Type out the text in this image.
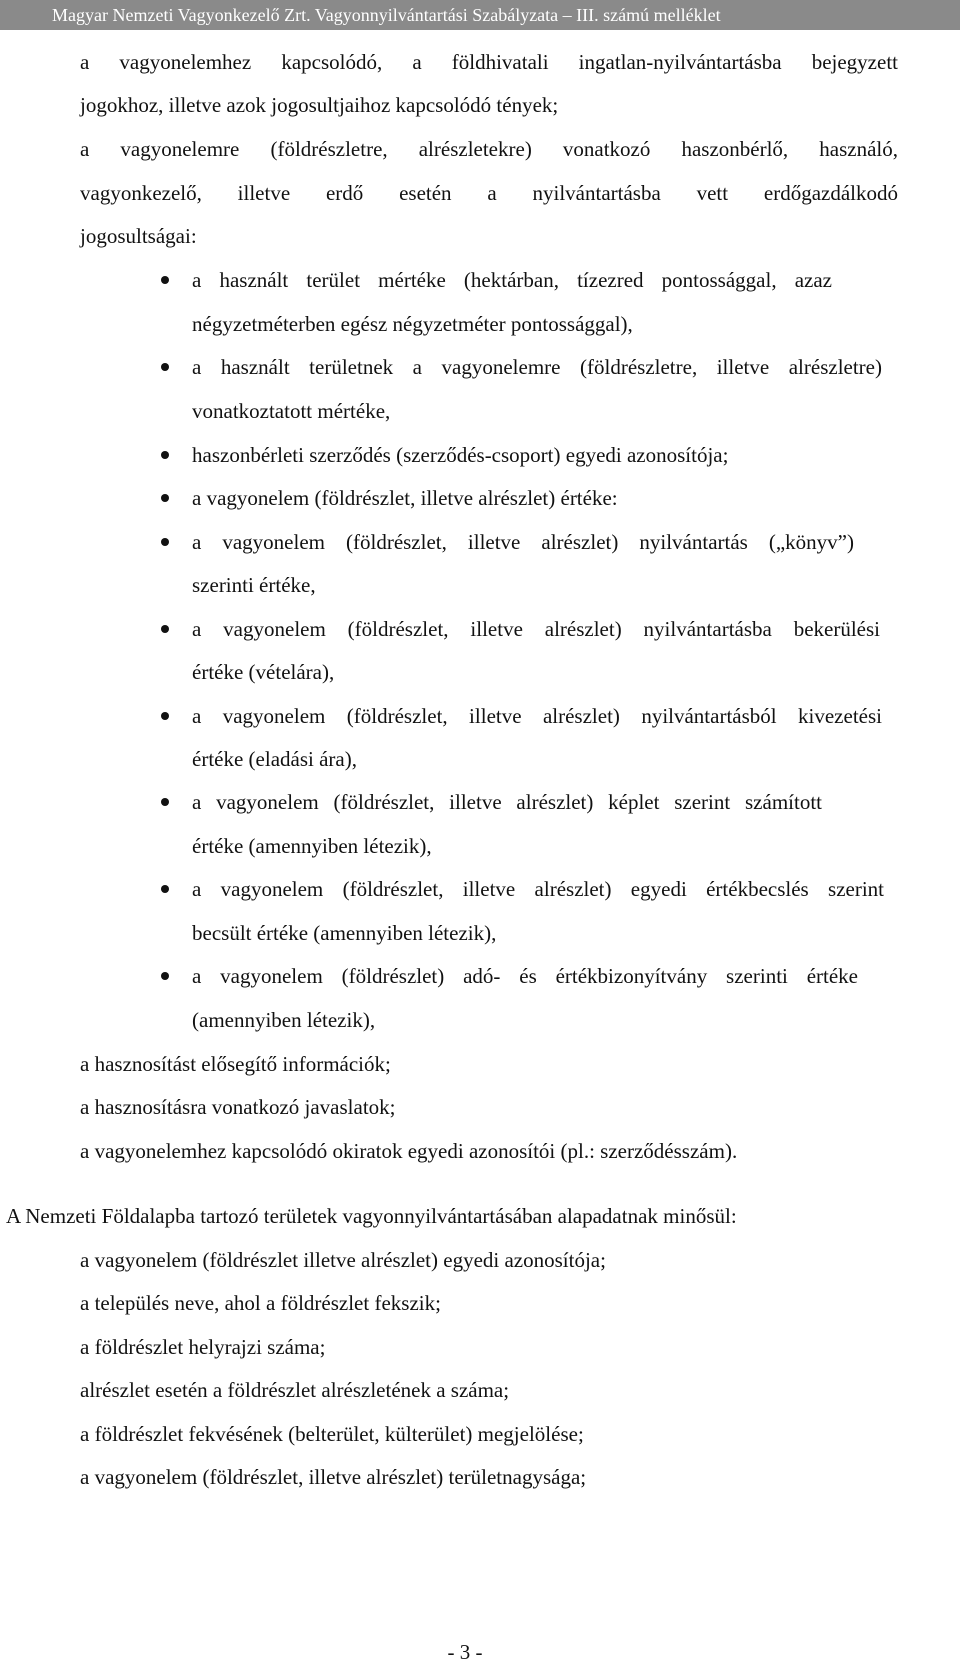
Magyar Nemzeti Vagyonkezelő Zrt. Vagyonnyilvántartási Szabályzata – III. számú melléklet
a vagyonelemhez kapcsolódó, a földhivatali ingatlan-nyilvántartásba bejegyzett
jogokhoz, illetve azok jogosultjaihoz kapcsolódó tények;
a vagyonelemre (földrészletre, alrészletekre) vonatkozó haszonbérlő, használó,
vagyonkezelő, illetve erdő esetén a nyilvántartásba vett erdőgazdálkodó
jogosultságai:
a használt terület mértéke (hektárban, tízezred pontossággal, azaz
négyzetméterben egész négyzetméter pontossággal),
a használt területnek a vagyonelemre (földrészletre, illetve alrészletre)
vonatkoztatott mértéke,
haszonbérleti szerződés (szerződés-csoport) egyedi azonosítója;
a vagyonelem (földrészlet, illetve alrészlet) értéke:
a vagyonelem (földrészlet, illetve alrészlet) nyilvántartás („könyv”)
szerinti értéke,
a vagyonelem (földrészlet, illetve alrészlet) nyilvántartásba bekerülési
értéke (vételára),
a vagyonelem (földrészlet, illetve alrészlet) nyilvántartásból kivezetési
értéke (eladási ára),
a vagyonelem (földrészlet, illetve alrészlet) képlet szerint számított
értéke (amennyiben létezik),
a vagyonelem (földrészlet, illetve alrészlet) egyedi értékbecslés szerint
becsült értéke (amennyiben létezik),
a vagyonelem (földrészlet) adó- és értékbizonyítvány szerinti értéke
(amennyiben létezik),
a hasznosítást elősegítő információk;
a hasznosításra vonatkozó javaslatok;
a vagyonelemhez kapcsolódó okiratok egyedi azonosítói (pl.: szerződésszám).
A Nemzeti Földalapba tartozó területek vagyonnyilvántartásában alapadatnak minősül:
a vagyonelem (földrészlet illetve alrészlet) egyedi azonosítója;
a település neve, ahol a földrészlet fekszik;
a földrészlet helyrajzi száma;
alrészlet esetén a földrészlet alrészletének a száma;
a földrészlet fekvésének (belterület, külterület) megjelölése;
a vagyonelem (földrészlet, illetve alrészlet) területnagysága;
- 3 -
